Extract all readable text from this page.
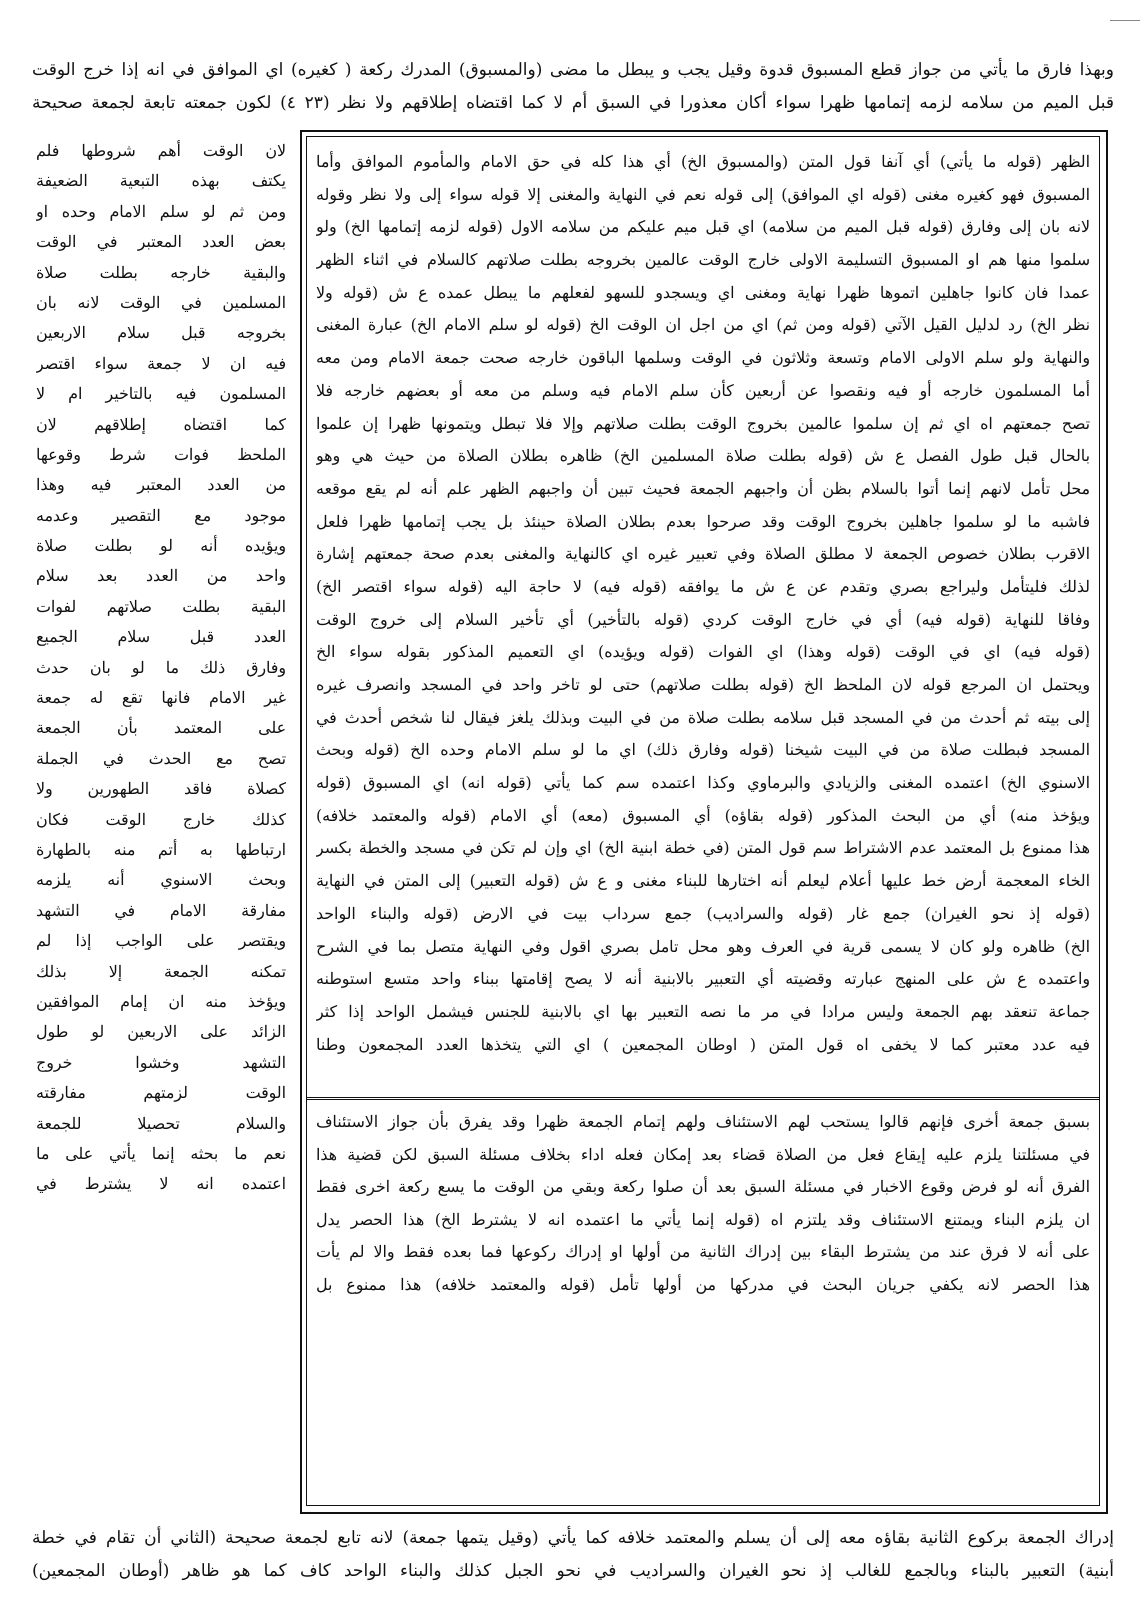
وبهذا فارق ما يأتي من جواز قطع المسبوق قدوة وقيل يجب و يبطل ما مضى (والمسبوق) المدرك ركعة ( كغيره) اي الموافق في انه إذا خرج الوقت
قبل الميم من سلامه لزمه إتمامها ظهرا سواء أكان معذورا في السبق أم لا كما اقتضاه إطلاقهم ولا نظر (٢٣ ٤) لكون جمعته تابعة لجمعة صحيحة
الظهر (قوله ما يأتي) أي آنفا قول المتن (والمسبوق الخ) أي هذا كله في حق الامام والمأموم الموافق وأما
المسبوق فهو كغيره مغنى (قوله اي الموافق) إلى قوله نعم في النهاية والمغنى إلا قوله سواء إلى ولا نظر وقوله
لانه بان إلى وفارق (قوله قبل الميم من سلامه) اي قبل ميم عليكم من سلامه الاول (قوله لزمه إتمامها الخ) ولو
سلموا منها هم او المسبوق التسليمة الاولى خارج الوقت عالمين بخروجه بطلت صلاتهم كالسلام في اثناء الظهر
عمدا فان كانوا جاهلين اتموها ظهرا نهاية ومغنى اي ويسجدو للسهو لفعلهم ما يبطل عمده ع ش (قوله ولا
نظر الخ) رد لدليل القيل الآتي (قوله ومن ثم) اي من اجل ان الوقت الخ (قوله لو سلم الامام الخ) عبارة المغنى
والنهاية ولو سلم الاولى الامام وتسعة وثلاثون في الوقت وسلمها الباقون خارجه صحت جمعة الامام ومن معه
أما المسلمون خارجه أو فيه ونقصوا عن أربعين كأن سلم الامام فيه وسلم من معه أو بعضهم خارجه فلا
تصح جمعتهم اه اي ثم إن سلموا عالمين بخروج الوقت بطلت صلاتهم وإلا فلا تبطل ويتمونها ظهرا إن علموا
بالحال قبل طول الفصل ع ش (قوله بطلت صلاة المسلمين الخ) ظاهره بطلان الصلاة من حيث هي وهو
محل تأمل لانهم إنما أتوا بالسلام بظن أن واجبهم الجمعة فحيث تبين أن واجبهم الظهر علم أنه لم يقع موقعه
فاشبه ما لو سلموا جاهلين بخروج الوقت وقد صرحوا بعدم بطلان الصلاة حينئذ بل يجب إتمامها ظهرا فلعل
الاقرب بطلان خصوص الجمعة لا مطلق الصلاة وفي تعبير غيره اي كالنهاية والمغنى بعدم صحة جمعتهم إشارة
لذلك فليتأمل وليراجع بصري وتقدم عن ع ش ما يوافقه (قوله فيه) لا حاجة اليه (قوله سواء اقتصر الخ)
وفاقا للنهاية (قوله فيه) أي في خارج الوقت كردي (قوله بالتأخير) أي تأخير السلام إلى خروج الوقت
(قوله فيه) اي في الوقت (قوله وهذا) اي الفوات (قوله ويؤيده) اي التعميم المذكور بقوله سواء الخ
ويحتمل ان المرجع قوله لان الملحظ الخ (قوله بطلت صلاتهم) حتى لو تاخر واحد في المسجد وانصرف غيره
إلى بيته ثم أحدث من في المسجد قبل سلامه بطلت صلاة من في البيت وبذلك يلغز فيقال لنا شخص أحدث في
المسجد فبطلت صلاة من في البيت شيخنا (قوله وفارق ذلك) اي ما لو سلم الامام وحده الخ (قوله وبحث
الاسنوي الخ) اعتمده المغنى والزيادي والبرماوي وكذا اعتمده سم كما يأتي (قوله انه) اي المسبوق (قوله
ويؤخذ منه) أي من البحث المذكور (قوله بقاؤه) أي المسبوق (معه) أي الامام (قوله والمعتمد خلافه)
هذا ممنوع بل المعتمد عدم الاشتراط سم قول المتن (في خطة ابنية الخ) اي وإن لم تكن في مسجد والخطة بكسر
الخاء المعجمة أرض خط عليها أعلام ليعلم أنه اختارها للبناء مغنى و ع ش (قوله التعبير) إلى المتن في النهاية
(قوله إذ نحو الغيران) جمع غار (قوله والسراديب) جمع سرداب بيت في الارض (قوله والبناء الواحد
الخ) ظاهره ولو كان لا يسمى قرية في العرف وهو محل تامل بصري اقول وفي النهاية متصل بما في الشرح
واعتمده ع ش على المنهج عبارته وقضيته أي التعبير بالابنية أنه لا يصح إقامتها ببناء واحد متسع استوطنه
جماعة تنعقد بهم الجمعة وليس مرادا في مر ما نصه التعبير بها اي بالابنية للجنس فيشمل الواحد إذا كثر
فيه عدد معتبر كما لا يخفى اه قول المتن ( اوطان المجمعين ) اي التي يتخذها العدد المجمعون وطنا
بسبق جمعة أخرى فإنهم قالوا يستحب لهم الاستئناف ولهم إتمام الجمعة ظهرا وقد يفرق بأن جواز الاستئناف
في مسئلتنا يلزم عليه إيقاع فعل من الصلاة قضاء بعد إمكان فعله اداء بخلاف مسئلة السبق لكن قضية هذا
الفرق أنه لو فرض وقوع الاخبار في مسئلة السبق بعد أن صلوا ركعة وبقي من الوقت ما يسع ركعة اخرى فقط
ان يلزم البناء ويمتنع الاستئناف وقد يلتزم اه (قوله إنما يأتي ما اعتمده انه لا يشترط الخ) هذا الحصر يدل
على أنه لا فرق عند من يشترط البقاء بين إدراك الثانية من أولها او إدراك ركوعها فما بعده فقط والا لم يأت
هذا الحصر لانه يكفي جريان البحث في مدركها من أولها تأمل (قوله والمعتمد خلافه) هذا ممنوع بل
لان الوقت أهم شروطها فلم
يكتف بهذه التبعية الضعيفة
ومن ثم لو سلم الامام وحده او
بعض العدد المعتبر في الوقت
والبقية خارجه بطلت صلاة
المسلمين في الوقت لانه بان
بخروجه قبل سلام الاربعين
فيه ان لا جمعة سواء اقتصر
المسلمون فيه بالتاخير ام لا
كما اقتضاه إطلاقهم لان
الملحظ فوات شرط وقوعها
من العدد المعتبر فيه وهذا
موجود مع التقصير وعدمه
ويؤيده أنه لو بطلت صلاة
واحد من العدد بعد سلام
البقية بطلت صلاتهم لفوات
العدد قبل سلام الجميع
وفارق ذلك ما لو بان حدث
غير الامام فانها تقع له جمعة
على المعتمد بأن الجمعة
تصح مع الحدث في الجملة
كصلاة فاقد الطهورين ولا
كذلك خارج الوقت فكان
ارتباطها به أتم منه بالطهارة
وبحث الاسنوي أنه يلزمه
مفارقة الامام في التشهد
ويقتصر على الواجب إذا لم
تمكنه الجمعة إلا بذلك
ويؤخذ منه ان إمام الموافقين
الزائد على الاربعين لو طول
التشهد وخشوا خروج
الوقت لزمتهم مفارقته
والسلام تحصيلا للجمعة
نعم ما بحثه إنما يأتي على ما
اعتمده انه لا يشترط في
إدراك الجمعة بركوع الثانية بقاؤه معه إلى أن يسلم والمعتمد خلافه كما يأتي (وقيل يتمها جمعة) لانه تابع لجمعة صحيحة (الثاني أن تقام في خطة
أبنية) التعبير بالبناء وبالجمع للغالب إذ نحو الغيران والسراديب في نحو الجبل كذلك والبناء الواحد كاف كما هو ظاهر (أوطان المجمعين)
